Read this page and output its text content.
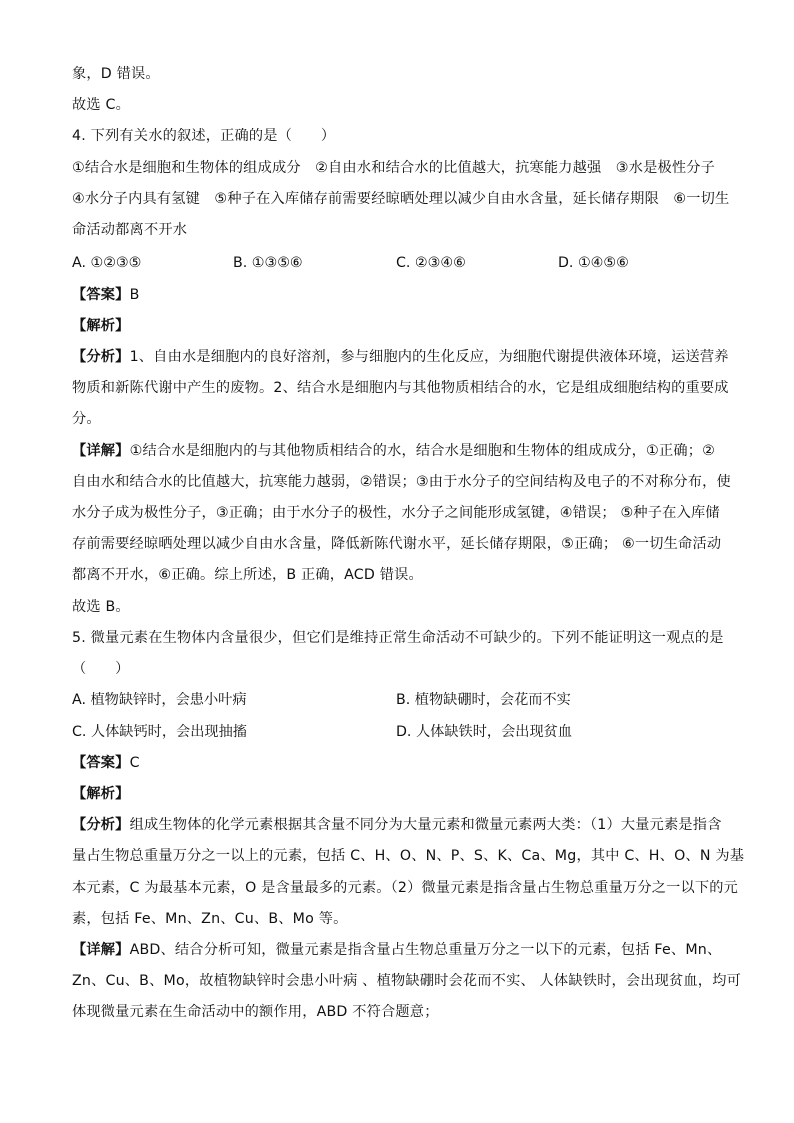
象，D 错误。
故选 C。
4. 下列有关水的叙述，正确的是（　　）
①结合水是细胞和生物体的组成成分　②自由水和结合水的比值越大，抗寒能力越强　③水是极性分子
④水分子内具有氢键　⑤种子在入库储存前需要经晾晒处理以减少自由水含量，延长储存期限　⑥一切生
命活动都离不开水
A. ①②③⑤	B. ①③⑤⑥	C. ②③④⑥	D. ①④⑤⑥
【答案】B
【解析】
【分析】1、自由水是细胞内的良好溶剂，参与细胞内的生化反应，为细胞代谢提供液体环境，运送营养
物质和新陈代谢中产生的废物。2、结合水是细胞内与其他物质相结合的水，它是组成细胞结构的重要成
分。
【详解】①结合水是细胞内的与其他物质相结合的水，结合水是细胞和生物体的组成成分，①正确；②
自由水和结合水的比值越大，抗寒能力越弱，②错误；③由于水分子的空间结构及电子的不对称分布，使
水分子成为极性分子，③正确；由于水分子的极性，水分子之间能形成氢键，④错误； ⑤种子在入库储
存前需要经晾晒处理以减少自由水含量，降低新陈代谢水平，延长储存期限，⑤正确； ⑥一切生命活动
都离不开水，⑥正确。综上所述，B 正确，ACD 错误。
故选 B。
5. 微量元素在生物体内含量很少，但它们是维持正常生命活动不可缺少的。下列不能证明这一观点的是
（　　）
A. 植物缺锌时，会患小叶病	B. 植物缺硼时，会花而不实
C. 人体缺钙时，会出现抽搐	D. 人体缺铁时，会出现贫血
【答案】C
【解析】
【分析】组成生物体的化学元素根据其含量不同分为大量元素和微量元素两大类：（1）大量元素是指含
量占生物总重量万分之一以上的元素，包括 C、H、O、N、P、S、K、Ca、Mg，其中 C、H、O、N 为基
本元素，C 为最基本元素，O 是含量最多的元素。（2）微量元素是指含量占生物总重量万分之一以下的元
素，包括 Fe、Mn、Zn、Cu、B、Mo 等。
【详解】ABD、结合分析可知，微量元素是指含量占生物总重量万分之一以下的元素，包括 Fe、Mn、
Zn、Cu、B、Mo，故植物缺锌时会患小叶病 、植物缺硼时会花而不实、 人体缺铁时，会出现贫血，均可
体现微量元素在生命活动中的额作用，ABD 不符合题意；
